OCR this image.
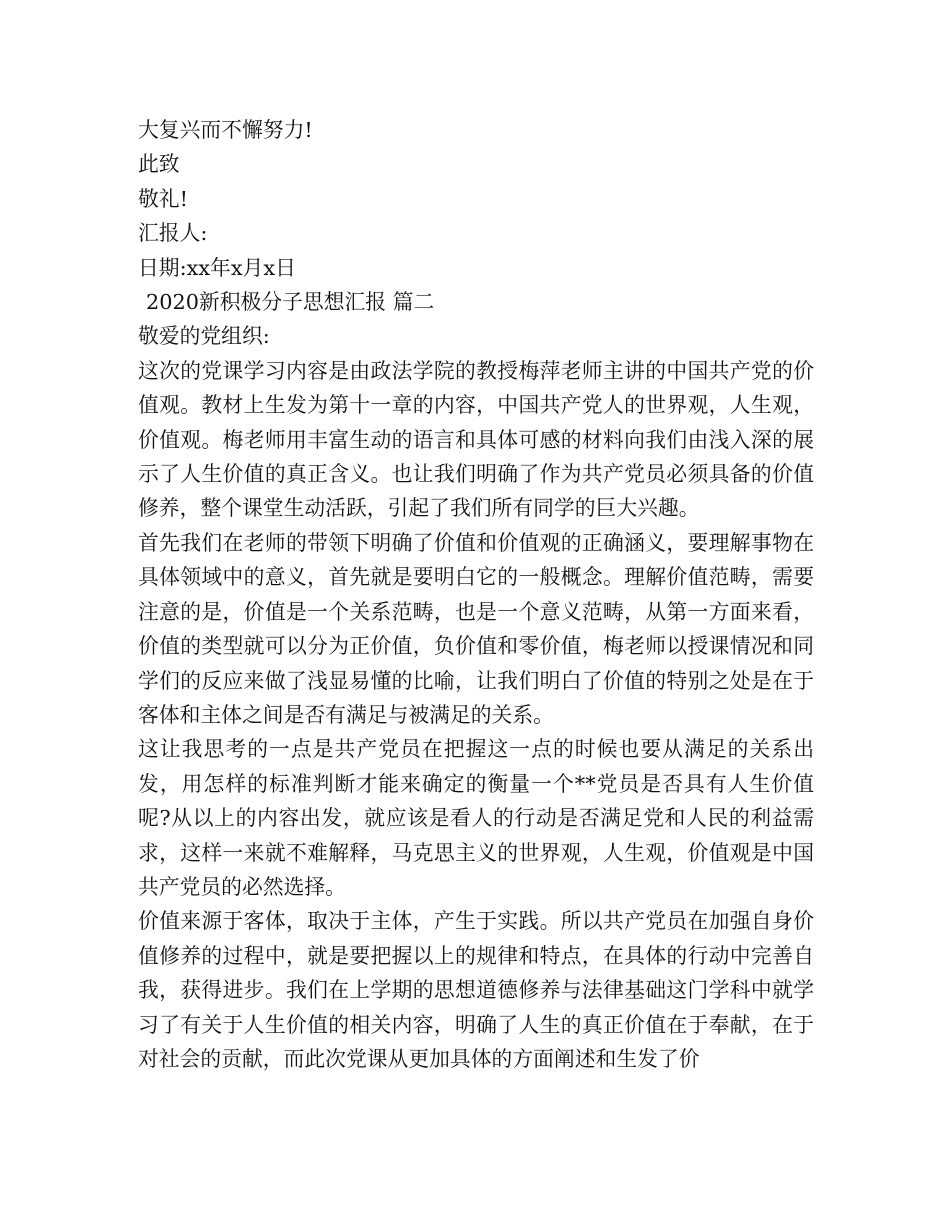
大复兴而不懈努力!

此致

敬礼!

汇报人:

日期:xx年x月x日

2020新积极分子思想汇报 篇二

敬爱的党组织:

这次的党课学习内容是由政法学院的教授梅萍老师主讲的中国共产党的价值观。教材上生发为第十一章的内容，中国共产党人的世界观，人生观，价值观。梅老师用丰富生动的语言和具体可感的材料向我们由浅入深的展示了人生价值的真正含义。也让我们明确了作为共产党员必须具备的价值修养，整个课堂生动活跃，引起了我们所有同学的巨大兴趣。

首先我们在老师的带领下明确了价值和价值观的正确涵义，要理解事物在具体领域中的意义，首先就是要明白它的一般概念。理解价值范畴，需要注意的是，价值是一个关系范畴，也是一个意义范畴，从第一方面来看，价值的类型就可以分为正价值，负价值和零价值，梅老师以授课情况和同学们的反应来做了浅显易懂的比喻，让我们明白了价值的特别之处是在于客体和主体之间是否有满足与被满足的关系。

这让我思考的一点是共产党员在把握这一点的时候也要从满足的关系出发，用怎样的标准判断才能来确定的衡量一个**党员是否具有人生价值呢?从以上的内容出发，就应该是看人的行动是否满足党和人民的利益需求，这样一来就不难解释，马克思主义的世界观，人生观，价值观是中国共产党员的必然选择。

价值来源于客体，取决于主体，产生于实践。所以共产党员在加强自身价值修养的过程中，就是要把握以上的规律和特点，在具体的行动中完善自我，获得进步。我们在上学期的思想道德修养与法律基础这门学科中就学习了有关于人生价值的相关内容，明确了人生的真正价值在于奉献，在于对社会的贡献，而此次党课从更加具体的方面阐述和生发了价
